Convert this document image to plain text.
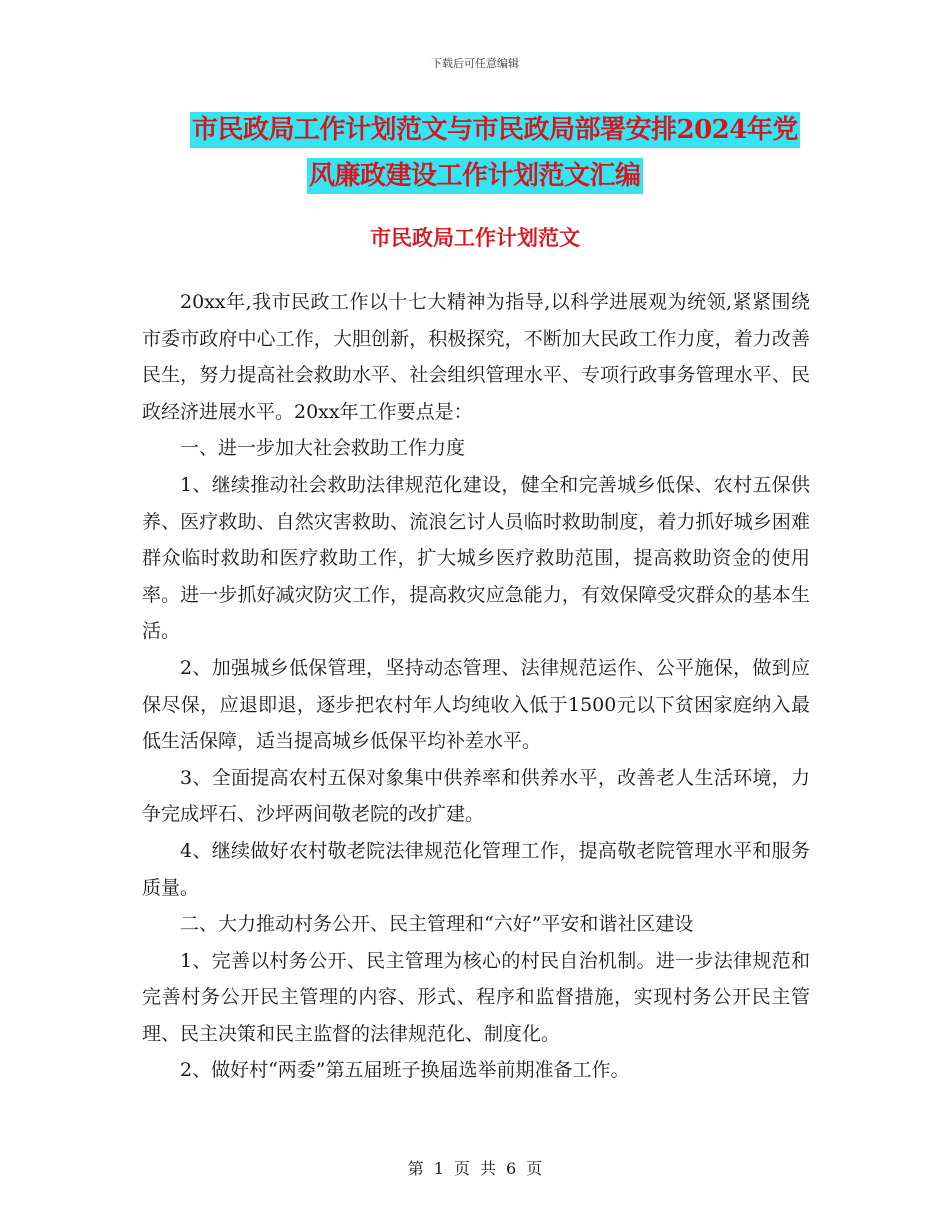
下载后可任意编辑
市民政局工作计划范文与市民政局部署安排2024年党
风廉政建设工作计划范文汇编
市民政局工作计划范文

20xx年,我市民政工作以十七大精神为指导,以科学进展观为统领,紧紧围绕市委市政府中心工作，大胆创新，积极探究，不断加大民政工作力度，着力改善民生，努力提高社会救助水平、社会组织管理水平、专项行政事务管理水平、民政经济进展水平。20xx年工作要点是：

一、进一步加大社会救助工作力度

1、继续推动社会救助法律规范化建设，健全和完善城乡低保、农村五保供养、医疗救助、自然灾害救助、流浪乞讨人员临时救助制度，着力抓好城乡困难群众临时救助和医疗救助工作，扩大城乡医疗救助范围，提高救助资金的使用率。进一步抓好减灾防灾工作，提高救灾应急能力，有效保障受灾群众的基本生活。

2、加强城乡低保管理，坚持动态管理、法律规范运作、公平施保，做到应保尽保，应退即退，逐步把农村年人均纯收入低于1500元以下贫困家庭纳入最低生活保障，适当提高城乡低保平均补差水平。

3、全面提高农村五保对象集中供养率和供养水平，改善老人生活环境，力争完成坪石、沙坪两间敬老院的改扩建。

4、继续做好农村敬老院法律规范化管理工作，提高敬老院管理水平和服务质量。

二、大力推动村务公开、民主管理和“六好”平安和谐社区建设

1、完善以村务公开、民主管理为核心的村民自治机制。进一步法律规范和完善村务公开民主管理的内容、形式、程序和监督措施，实现村务公开民主管理、民主决策和民主监督的法律规范化、制度化。

2、做好村“两委”第五届班子换届选举前期准备工作。

第 1 页 共 6 页
